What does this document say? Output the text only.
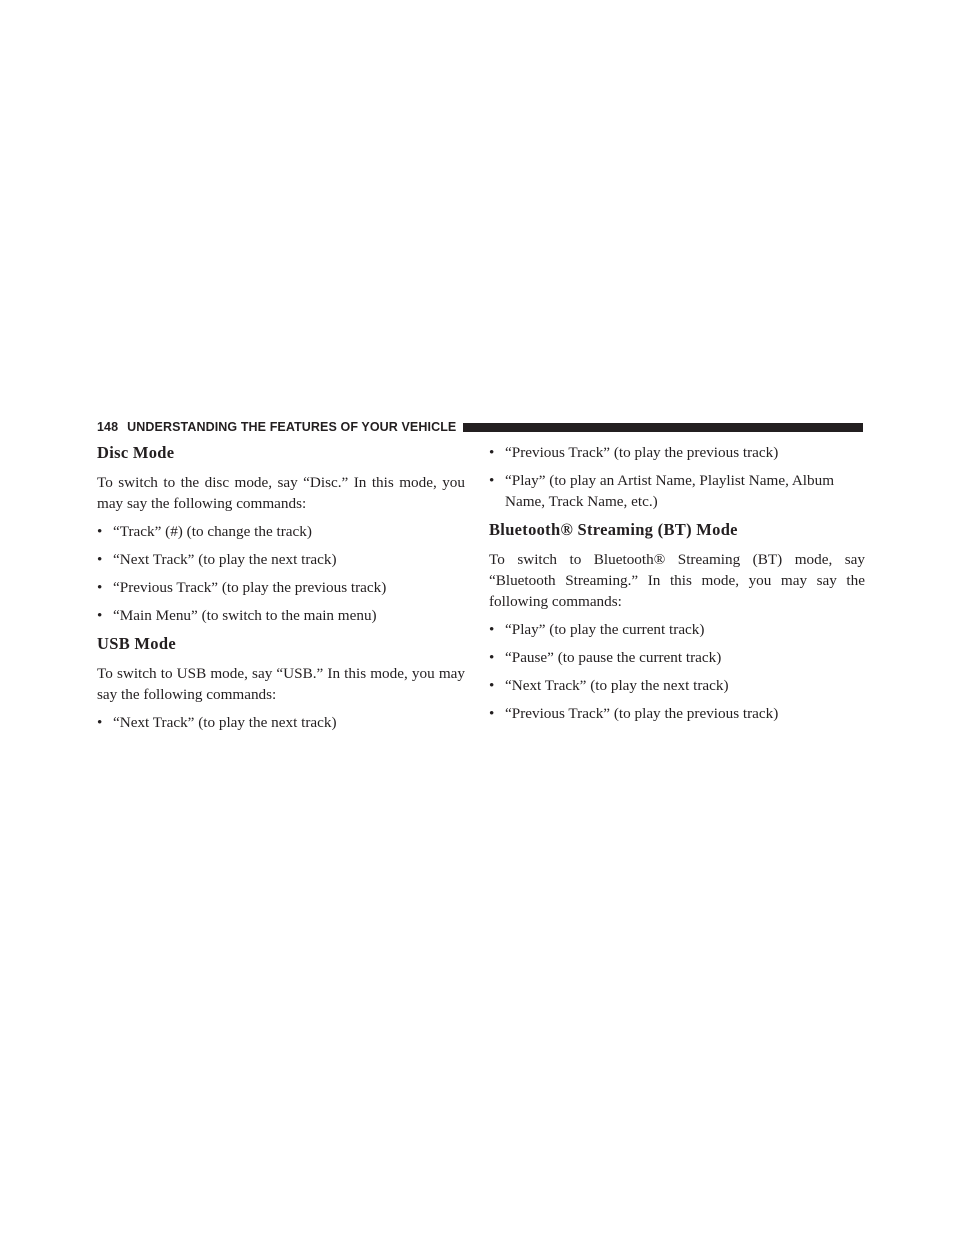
148 UNDERSTANDING THE FEATURES OF YOUR VEHICLE
Disc Mode

To switch to the disc mode, say “Disc.” In this mode, you may say the following commands:

• “Track” (#) (to change the track)
• “Next Track” (to play the next track)
• “Previous Track” (to play the previous track)
• “Main Menu” (to switch to the main menu)
USB Mode

To switch to USB mode, say “USB.” In this mode, you may say the following commands:

• “Next Track” (to play the next track)
• “Previous Track” (to play the previous track)
• “Play” (to play an Artist Name, Playlist Name, Album Name, Track Name, etc.)
Bluetooth® Streaming (BT) Mode

To switch to Bluetooth® Streaming (BT) mode, say “Bluetooth Streaming.” In this mode, you may say the following commands:

• “Play” (to play the current track)
• “Pause” (to pause the current track)
• “Next Track” (to play the next track)
• “Previous Track” (to play the previous track)
